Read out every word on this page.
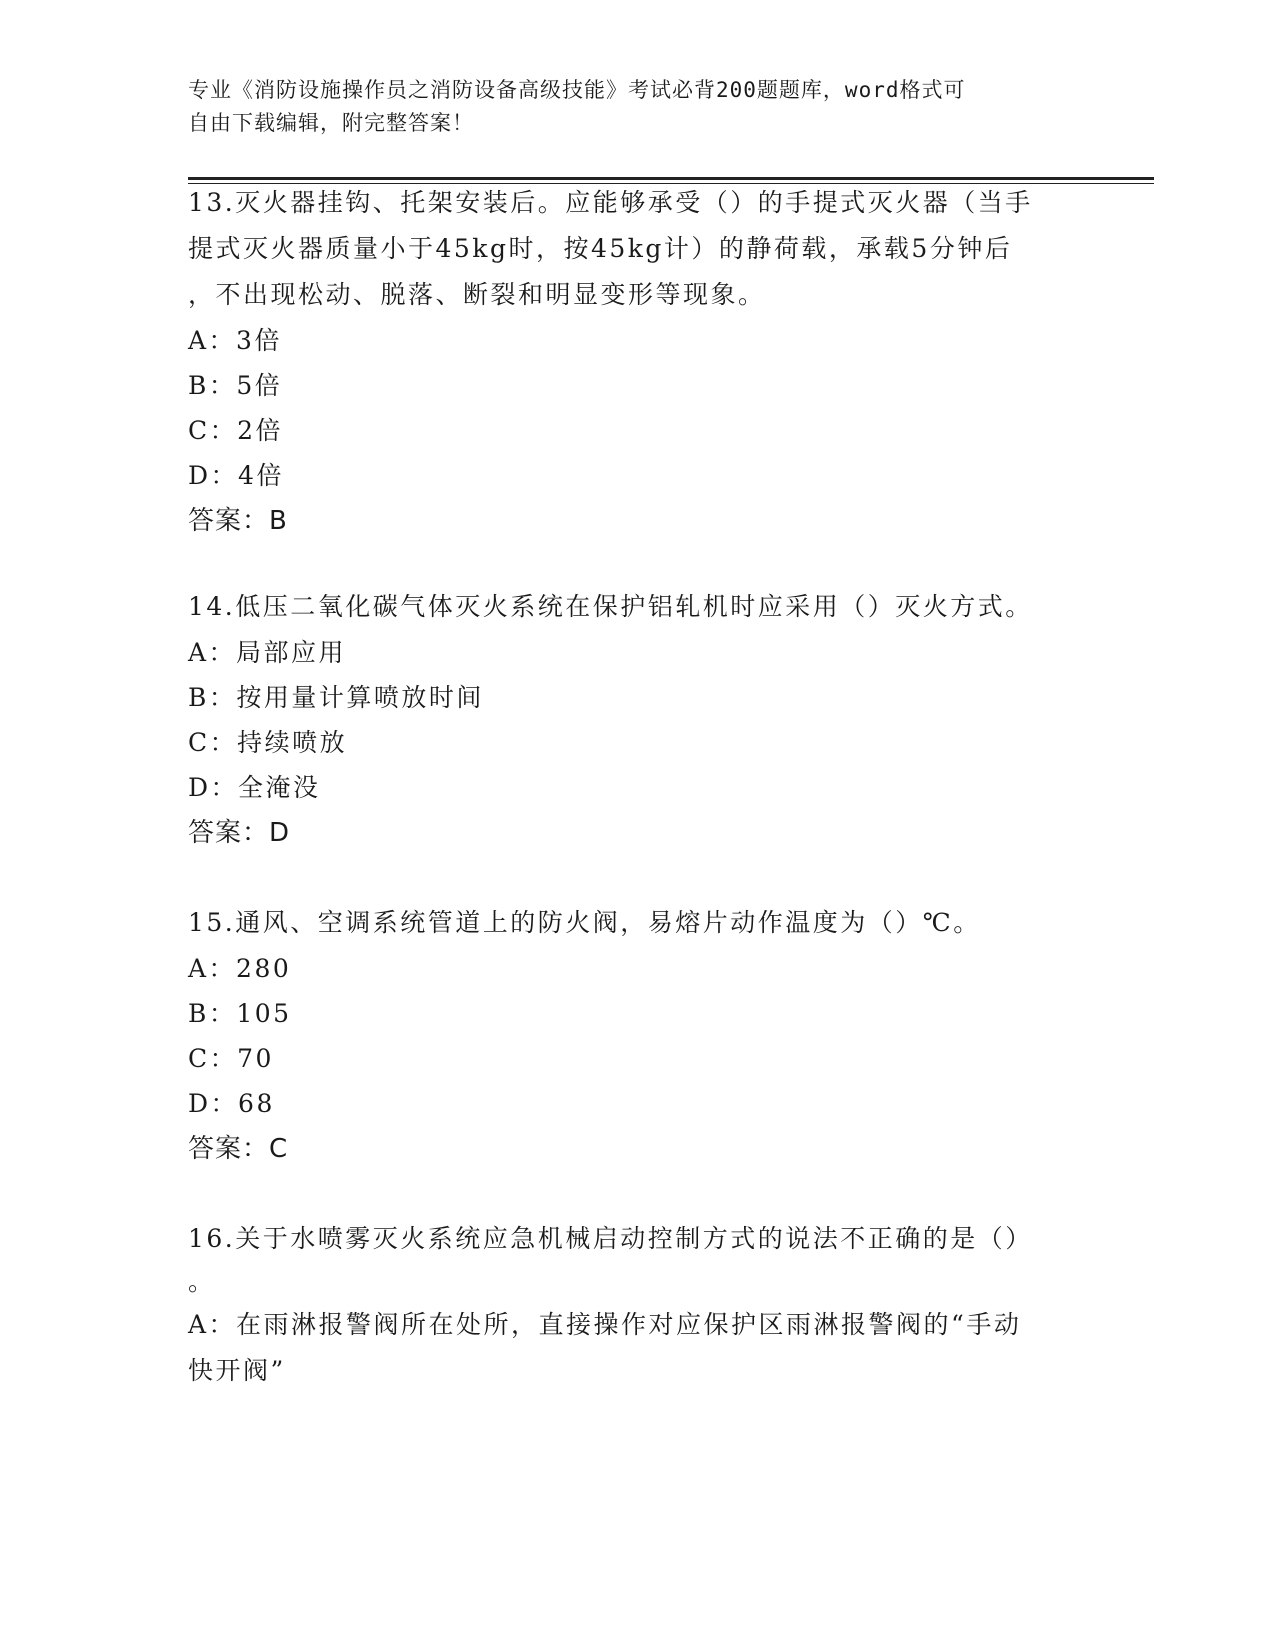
专业《消防设施操作员之消防设备高级技能》考试必背200题题库，word格式可
自由下载编辑，附完整答案！

13.灭火器挂钩、托架安装后。应能够承受（）的手提式灭火器（当手

提式灭火器质量小于45kg时，按45kg计）的静荷载，承载5分钟后

，不出现松动、脱落、断裂和明显变形等现象。

A：3倍

B：5倍

C：2倍

D：4倍

答案：B

14.低压二氧化碳气体灭火系统在保护铝轧机时应采用（）灭火方式。

A：局部应用

B：按用量计算喷放时间

C：持续喷放

D：全淹没

答案：D

15.通风、空调系统管道上的防火阀，易熔片动作温度为（）℃。

A：280

B：105

C：70

D：68

答案：C

16.关于水喷雾灭火系统应急机械启动控制方式的说法不正确的是（）

。

A：在雨淋报警阀所在处所，直接操作对应保护区雨淋报警阀的“手动

快开阀”
